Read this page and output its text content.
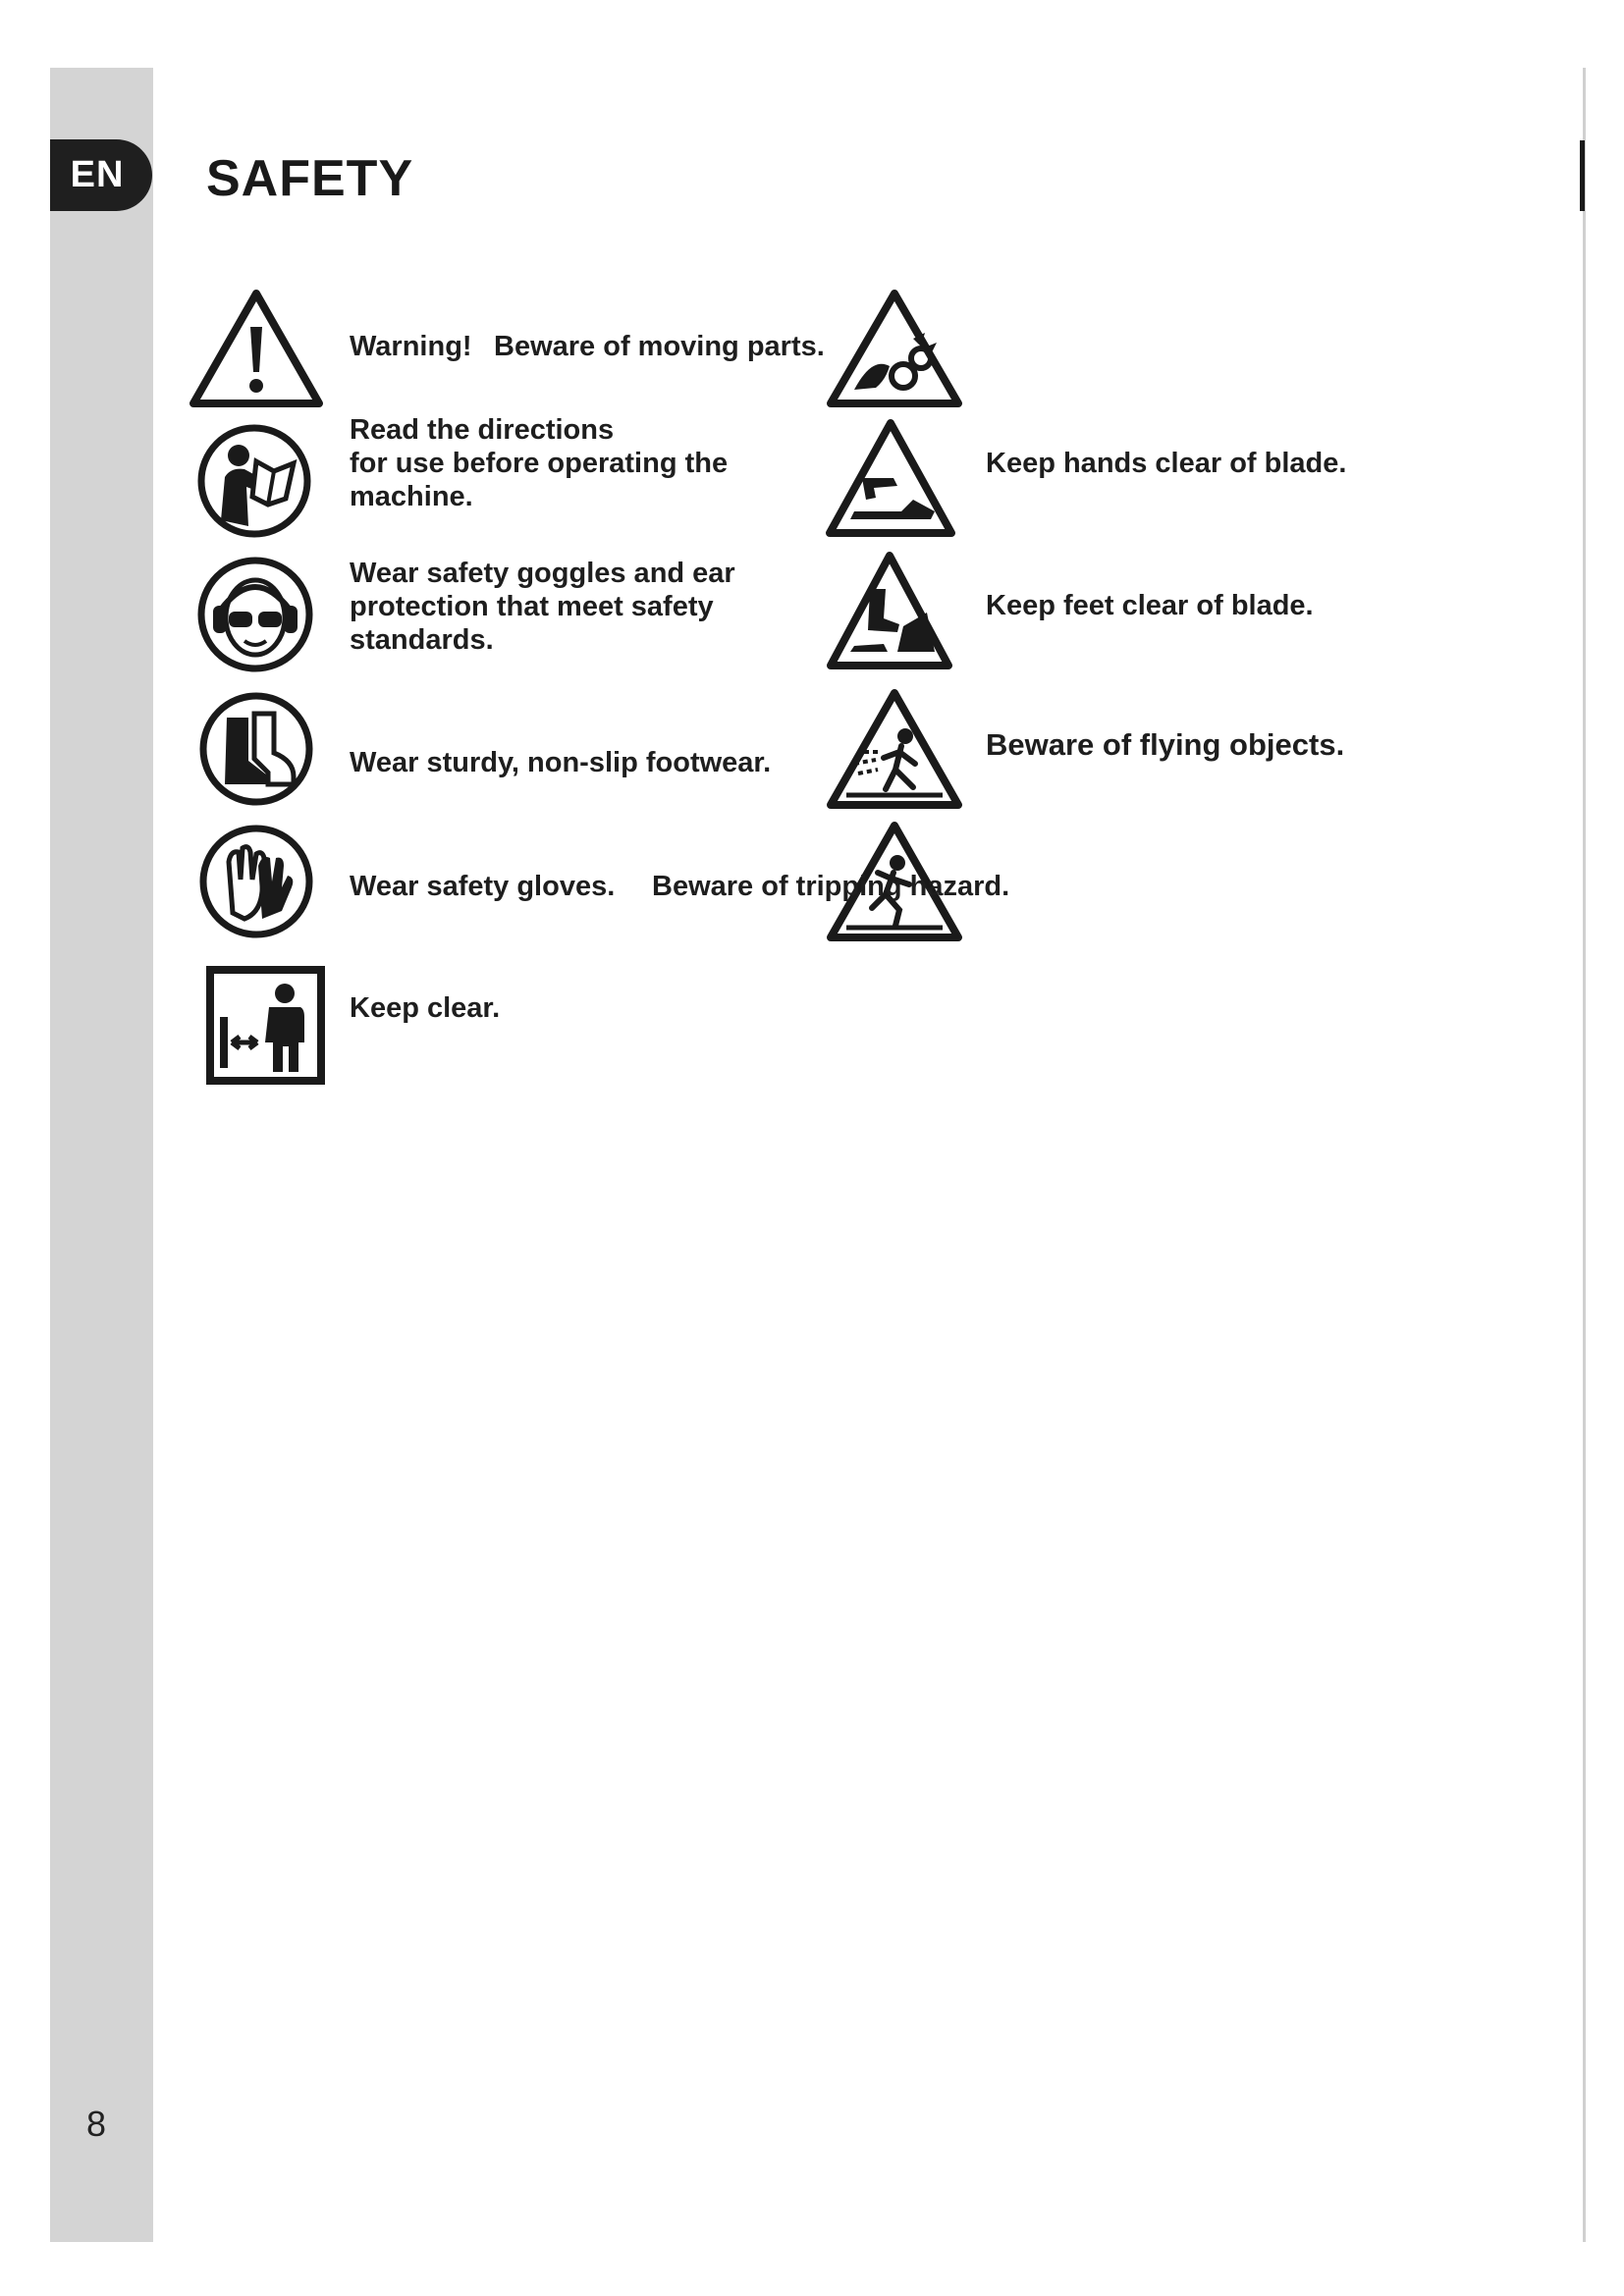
EN
8
SAFETY
Warning! Beware of moving parts.
Read the directions
for use before operating the
machine.
Keep hands clear of blade.
Wear safety goggles and ear
protection that meet safety
standards.
Keep feet clear of blade.
Wear sturdy, non-slip footwear.
Beware of flying objects.
Wear safety gloves. Beware of tripping hazard.
Keep clear.
